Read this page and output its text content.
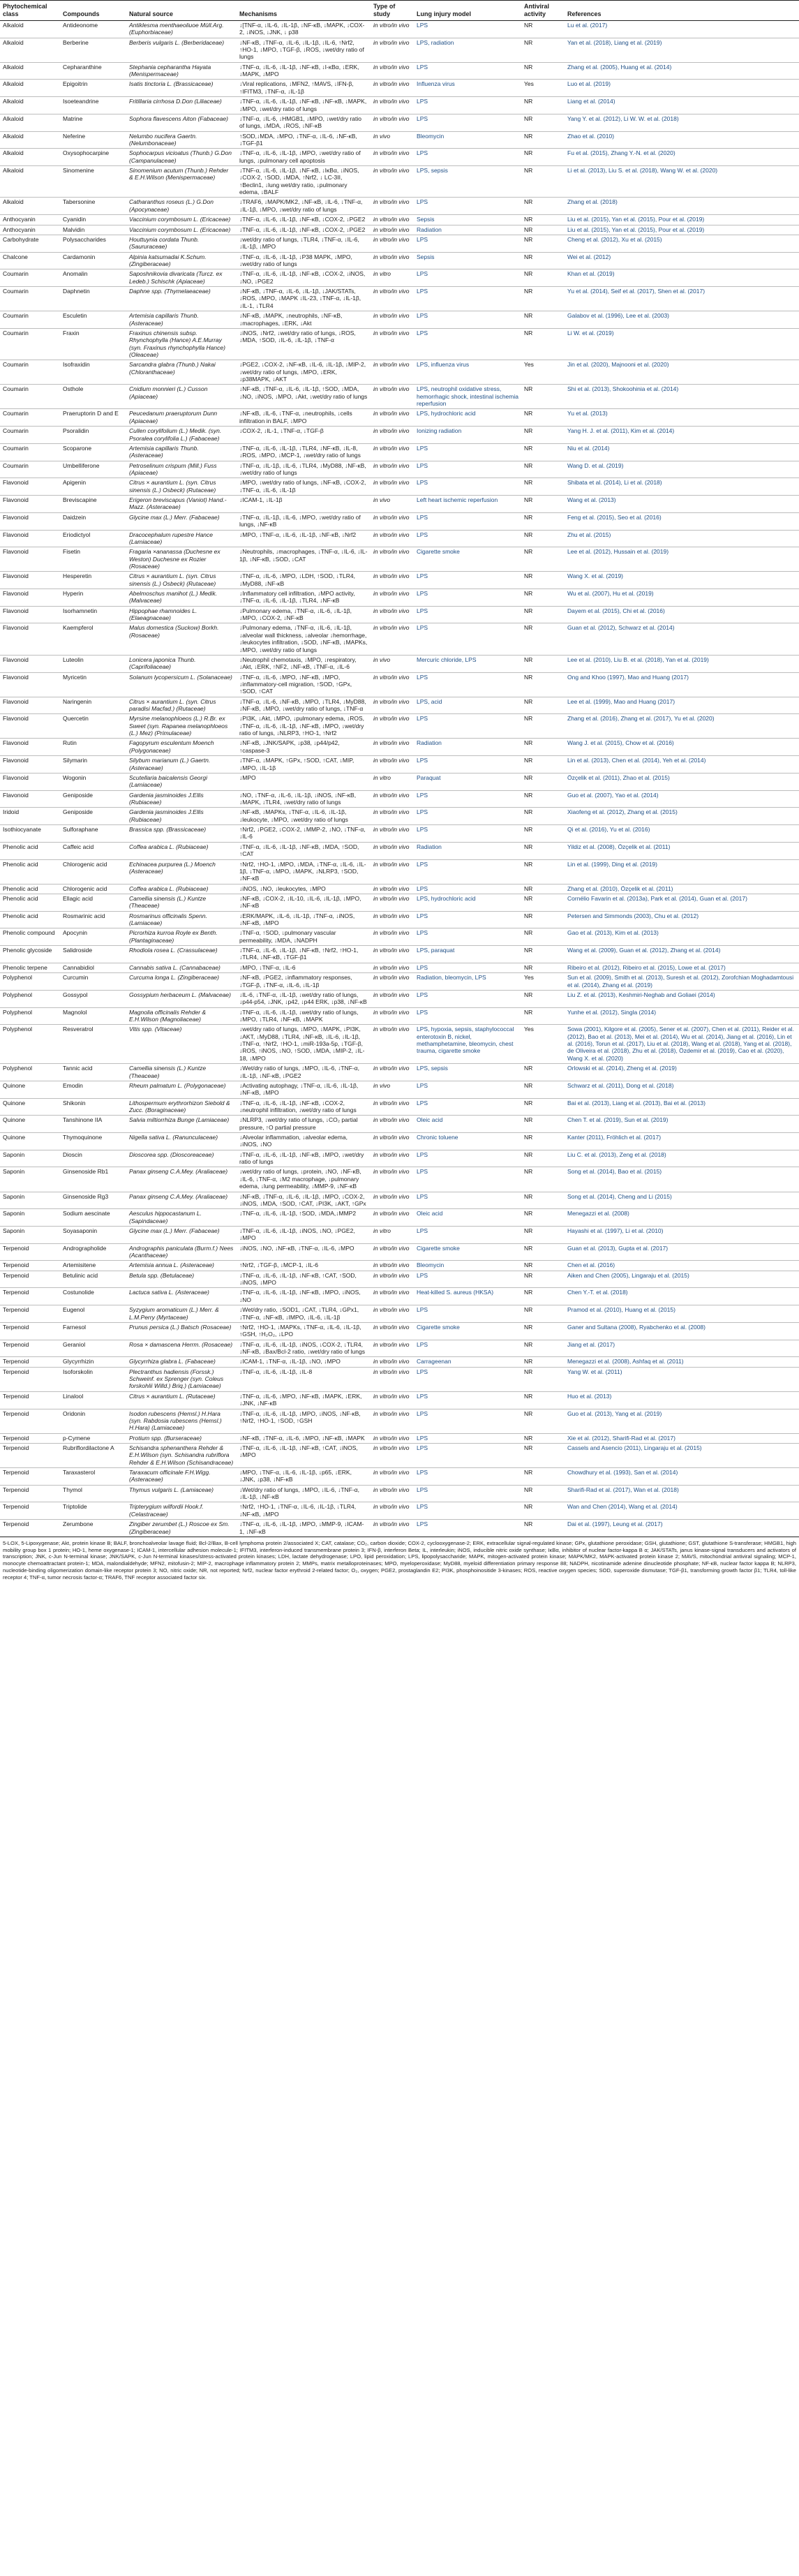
Phytochemical class	Compounds	Natural source	Mechanisms	Type of study	Lung injury model	Antiviral activity	References
Alkaloid	Antideonome	Antiklesma menthaeoliuoe Müll.Arg. (Euphorbiaceae)	↓[TNF-α, ↓IL-6, ↓IL-1β, ↓NF-κB, ↓MAPK, ↓COX-2, ↓iNOS, ↓JNK, ↓ p38	in vitro/in vivo	LPS	NR	Lu et al. (2017)
Alkaloid	Berberine	Berberis vulgaris L. (Berberidaceae)	↓NF-κB, ↓TNF-α, ↓IL-6, ↓IL-1β, ↓IL-6, ↑Nrf2, ↑HO-1, ↓MPO, ↓TGF-β, ↓ROS, ↓wet/dry ratio of lungs	in vitro/in vivo	LPS, radiation	NR	Yan et al. (2018), Liang et al. (2019)
Alkaloid	Cepharanthine	Stephania cepharantha Hayata (Menispermaceae)	↓TNF-α, ↓IL-6, ↓IL-1β, ↓NF-κB, ↓I-κBα, ↓ERK, ↓MAPK, ↓MPO	in vitro/in vivo	LPS	NR	Zhang et al. (2005), Huang et al. (2014)
Alkaloid	Epigoitrin	Isatis tinctoria L. (Brassicaceae)	↓Viral replications, ↓MFN2, ↑MAVS, ↓IFN-β, ↑IFITM3, ↓TNF-α, ↓IL-1β	in vitro/in vivo	Influenza virus	Yes	Luo et al. (2019)
Alkaloid	Isoeteandrine	Fritillaria cirrhosa D.Don (Liliaceae)	↓TNF-α, ↓IL-6, ↓IL-1β, ↓NF-κB, ↓NF-κB, ↓MAPK, ↓MPO, ↓wet/dry ratio of lungs	in vitro/in vivo	LPS	NR	Liang et al. (2014)
Alkaloid	Matrine	Sophora flavescens Aiton (Fabaceae)	↓TNF-α, ↓IL-6, ↓HMGB1, ↓MPO, ↓wet/dry ratio of lungs, ↓MDA, ↓ROS, ↓NF-κB	in vitro/in vivo	LPS	NR	Yang Y. et al. (2012), Li W. W. et al. (2018)
Alkaloid	Neferine	Nelumbo nucifera Gaertn. (Nelumbonaceae)	↑SOD,↓MDA, ↓MPO, ↓TNF-α, ↓IL-6, ↓NF-κB, ↓TGF-β1	in vivo	Bleomycin	NR	Zhao et al. (2010)
Alkaloid	Oxysophocarpine	Sophocarpus vicioatus (Thunb.) G.Don (Campanulaceae)	↓TNF-α, ↓IL-6, ↓IL-1β, ↓MPO, ↓wet/dry ratio of lungs, ↓pulmonary cell apoptosis	in vitro/in vivo	LPS	NR	Fu et al. (2015), Zhang Y.-N. et al. (2020)
Alkaloid	Sinomenine	Sinomenium acutum (Thunb.) Rehder & E.H.Wilson (Menispermaceae)	↓TNF-α, ↓IL-6, ↓IL-1β, ↓NF-κB, ↓IκBα, ↓iNOS, ↓COX-2, ↑SOD, ↓MDA, ↑Nrf2, ↓ LC-3II, ↑Beclin1, ↓lung wet/dry ratio, ↓pulmonary edema, ↓BALF	in vitro/in vivo	LPS, sepsis	NR	Li et al. (2013), Liu S. et al. (2018), Wang W. et al. (2020)
Alkaloid	Tabersonine	Catharanthus roseus (L.) G.Don (Apocynaceae)	↓TRAF6, ↓MAPK/MK2, ↓NF-κB, ↓IL-6, ↓TNF-α, ↓IL-1β, ↓MPO, ↓wet/dry ratio of lungs	in vitro/in vivo	LPS	NR	Zhang et al. (2018)
Anthocyanin	Cyanidin	Vaccinium corymbosum L. (Ericaceae)	↓TNF-α, ↓IL-6, ↓IL-1β, ↓NF-κB, ↓COX-2, ↓PGE2	in vitro/in vivo	Sepsis	NR	Liu et al. (2015), Yan et al. (2015), Pour et al. (2019)
Anthocyanin	Malvidin	Vaccinium corymbosum L. (Ericaceae)	↓TNF-α, ↓IL-6, ↓IL-1β, ↓NF-κB, ↓COX-2, ↓PGE2	in vitro/in vivo	Radiation	NR	Liu et al. (2015), Yan et al. (2015), Pour et al. (2019)
Carbohydrate	Polysaccharides	Houttuynia cordata Thunb. (Saururaceae)	↓wet/dry ratio of lungs, ↓TLR4, ↓TNF-α, ↓IL-6, ↓IL-1β, ↓MPO	in vitro/in vivo	LPS	NR	Cheng et al. (2012), Xu et al. (2015)
Chalcone	Cardamonin	Alpinia katsumadai K.Schum. (Zingiberaceae)	↓TNF-α, ↓IL-6, ↓IL-1β, ↓P38 MAPK, ↓MPO, ↓wet/dry ratio of lungs	in vitro/in vivo	Sepsis	NR	Wei et al. (2012)
Coumarin	Anomalin	Saposhnikovia divaricata (Turcz. ex Ledeb.) Schischk (Apiaceae)	↓TNF-α, ↓IL-6, ↓IL-1β, ↓NF-κB, ↓COX-2, ↓iNOS, ↓NO, ↓PGE2	in vitro	LPS	NR	Khan et al. (2019)
Coumarin	Daphnetin	Daphne spp. (Thymelaeaceae)	↓NF-κB, ↓TNF-α, ↓IL-6, ↓IL-1β, ↓JAK/STATs, ↓ROS, ↓MPO, ↓MAPK ↓IL-23, ↓TNF-α, ↓IL-1β, ↓IL-1, ↓TLR4	in vitro/in vivo	LPS	NR	Yu et al. (2014), Seif et al. (2017), Shen et al. (2017)
Coumarin	Esculetin	Artemisia capillaris Thunb. (Asteraceae)	↓NF-κB, ↓MAPK, ↓neutrophils, ↓NF-κB, ↓macrophages, ↓ERK, ↓Akt	in vitro/in vivo	LPS	NR	Galabov et al. (1996), Lee et al. (2003)
Coumarin	Fraxin	Fraxinus chinensis subsp. Rhynchophylla (Hance) A.E.Murray (syn. Fraxinus rhynchophylla Hance) (Oleaceae)	↓iNOS, ↓Nrf2, ↓wet/dry ratio of lungs, ↓ROS, ↓MDA, ↑SOD, ↓IL-6, ↓IL-1β, ↓TNF-α	in vitro/in vivo	LPS	NR	Li W. et al. (2019)
Coumarin	Isofraxidin	Sarcandra glabra (Thunb.) Nakai (Chloranthaceae)	↓PGE2, ↓COX-2, ↓NF-κB, ↓IL-6, ↓IL-1β, ↓MIP-2, ↓wet/dry ratio of lungs, ↓MPO, ↓ERK, ↓p38MAPK, ↓AKT	in vitro/in vivo	LPS, influenza virus	Yes	Jin et al. (2020), Majnooni et al. (2020)
Coumarin	Osthole	Cnidium monnieri (L.) Cusson (Apiaceae)	↓NF-κB, ↓TNF-α, ↓IL-6, ↓IL-1β, ↑SOD, ↓MDA, ↓NO, ↓iNOS, ↓MPO, ↓Akt, ↓wet/dry ratio of lungs	in vitro/in vivo	LPS, neutrophil oxidative stress, hemorrhagic shock, intestinal ischemia reperfusion	NR	Shi et al. (2013), Shokoohinia et al. (2014)
Coumarin	Praeruptorin D and E	Peucedanum praeruptorum Dunn (Apiaceae)	↓NF-κB, ↓IL-6, ↓TNF-α, ↓neutrophils, ↓cells infiltration in BALF, ↓MPO	in vitro/in vivo	LPS, hydrochloric acid	NR	Yu et al. (2013)
Coumarin	Psoralidin	Cullen corylifolium (L.) Medik. (syn. Psoralea corylifolia L.) (Fabaceae)	↓COX-2, ↓IL-1, ↓TNF-α, ↓TGF-β	in vitro/in vivo	Ionizing radiation	NR	Yang H. J. et al. (2011), Kim et al. (2014)
Coumarin	Scoparone	Artemisia capillaris Thunb. (Asteraceae)	↓TNF-α, ↓IL-6, ↓IL-1β, ↓TLR4, ↓NF-κB, ↓IL-8, ↓ROS, ↓MPO, ↓MCP-1, ↓wet/dry ratio of lungs	in vitro/in vivo	LPS	NR	Niu et al. (2014)
Coumarin	Umbelliferone	Petroselinum crispum (Mill.) Fuss (Apiaceae)	↓TNF-α, ↓IL-1β, ↓IL-6, ↓TLR4, ↓MyD88, ↓NF-κB, ↓wet/dry ratio of lungs	in vitro/in vivo	LPS	NR	Wang D. et al. (2019)
Flavonoid	Apigenin	Citrus × aurantium L. (syn. Citrus sinensis (L.) Osbeck) (Rutaceae)	↓MPO, ↓wet/dry ratio of lungs, ↓NF-κB, ↓COX-2, ↓TNF-α, ↓IL-6, ↓IL-1β	in vitro/in vivo	LPS	NR	Shibata et al. (2014), Li et al. (2018)
Flavonoid	Breviscapine	Erigeron breviscapus (Vaniot) Hand.-Mazz. (Asteraceae)	↓ICAM-1, ↓IL-1β	in vivo	Left heart ischemic reperfusion	NR	Wang et al. (2013)
Flavonoid	Daidzein	Glycine max (L.) Merr. (Fabaceae)	↓TNF-α, ↓IL-1β, ↓IL-6, ↓MPO, ↓wet/dry ratio of lungs, ↓NF-κB	in vitro/in vivo	LPS	NR	Feng et al. (2015), Seo et al. (2016)
Flavonoid	Eriodictyol	Dracocephalum rupestre Hance (Lamiaceae)	↓MPO, ↓TNF-α, ↓IL-6, ↓IL-1β, ↓NF-κB, ↓Nrf2	in vitro/in vivo	LPS	NR	Zhu et al. (2015)
Flavonoid	Fisetin	Fragaria ×ananassa (Duchesne ex Weston) Duchesne ex Rozier (Rosaceae)	↓Neutrophils, ↓macrophages, ↓TNF-α, ↓IL-6, ↓IL-1β, ↓NF-κB, ↓SOD, ↓CAT	in vitro/in vivo	Cigarette smoke	NR	Lee et al. (2012), Hussain et al. (2019)
Flavonoid	Hesperetin	Citrus × aurantium L. (syn. Citrus sinensis (L.) Osbeck) (Rutaceae)	↓TNF-α, ↓IL-6, ↓MPO, ↓LDH, ↑SOD, ↓TLR4, ↓MyD88, ↓NF-κB	in vitro/in vivo	LPS	NR	Wang X. et al. (2019)
Flavonoid	Hyperin	Abelmoschus manihot (L.) Medik. (Malvaceae)	↓Inflammatory cell infiltration, ↓MPO activity, ↓TNF-α, ↓IL-6, ↓IL-1β, ↓TLR4, ↓NF-κB	in vitro/in vivo	LPS	NR	Wu et al. (2007), Hu et al. (2019)
Flavonoid	Isorhamnetin	Hippophae rhamnoides L. (Elaeagnaceae)	↓Pulmonary edema, ↓TNF-α, ↓IL-6, ↓IL-1β, ↓MPO, ↓COX-2, ↓NF-κB	in vitro/in vivo	LPS	NR	Dayem et al. (2015), Chi et al. (2016)
Flavonoid	Kaempferol	Malus domestica (Suckow) Borkh. (Rosaceae)	↓Pulmonary edema, ↓TNF-α, ↓IL-6, ↓IL-1β, ↓alveolar wall thickness, ↓alveolar ↓hemorrhage, ↓leukocytes infiltration, ↓SOD, ↓NF-κB, ↓MAPKs, ↓MPO, ↓wet/dry ratio of lungs	in vitro/in vivo	LPS	NR	Guan et al. (2012), Schwarz et al. (2014)
Flavonoid	Luteolin	Lonicera japonica Thunb. (Caprifoliaceae)	↓Neutrophil chemotaxis, ↓MPO, ↓respiratory, ↓Akt, ↓ERK, ↑NF2, ↓NF-κB, ↓TNF-α, ↓IL-6	in vivo	Mercuric chloride, LPS	NR	Lee et al. (2010), Liu B. et al. (2018), Yan et al. (2019)
Flavonoid	Myricetin	Solanum lycopersicum L. (Solanaceae)	↓TNF-α, ↓IL-6, ↓MPO, ↓NF-κB, ↓MPO, ↓inflammatory-cell migration, ↑SOD, ↑GPx, ↑SOD, ↑CAT	in vitro/in vivo	LPS	NR	Ong and Khoo (1997), Mao and Huang (2017)
Flavonoid	Naringenin	Citrus × aurantium L. (syn. Citrus paradisi Macfad.) (Rutaceae)	↓TNF-α, ↓IL-6, ↓NF-κB, ↓MPO, ↓TLR4, ↓MyD88, ↓NF-κB, ↓MPO, ↓wet/dry ratio of lungs, ↓TNF-α	in vitro/in vivo	LPS, acid	NR	Lee et al. (1999), Mao and Huang (2017)
Flavonoid	Quercetin	Myrsine melanophloeos (L.) R.Br. ex Sweet (syn. Rapanea melanophloeos (L.) Mez) (Primulaceae)	↓PI3K, ↓Akt, ↓MPO, ↓pulmonary edema, ↓ROS, ↓TNF-α, ↓IL-6, ↓IL-1β, ↓NF-κB, ↓MPO, ↓wet/dry ratio of lungs, ↓NLRP3, ↑HO-1, ↑Nrf2	in vitro/in vivo	LPS	NR	Zhang et al. (2016), Zhang et al. (2017), Yu et al. (2020)
Flavonoid	Rutin	Fagopyrum esculentum Moench (Polygonaceae)	↓NF-κB, ↓JNK/SAPK, ↓p38, ↓p44/p42, ↑caspase-3	in vitro/in vivo	Radiation	NR	Wang J. et al. (2015), Chow et al. (2016)
Flavonoid	Silymarin	Silybum marianum (L.) Gaertn. (Asteraceae)	↓TNF-α, ↓MAPK, ↑GPx, ↑SOD, ↑CAT, ↓MIP, ↓MPO, ↓IL-1β	in vitro/in vivo	LPS	NR	Lin et al. (2013), Chen et al. (2014), Yeh et al. (2014)
Flavonoid	Wogonin	Scutellaria baicalensis Georgi (Lamiaceae)	↓MPO	in vitro	Paraquat	NR	Özçelik et al. (2011), Zhao et al. (2015)
Flavonoid	Geniposide	Gardenia jasminoides J.Ellis (Rubiaceae)	↓NO, ↓TNF-α, ↓IL-6, ↓IL-1β, ↓iNOS, ↓NF-κB, ↓MAPK, ↓TLR4, ↓wet/dry ratio of lungs	in vitro/in vivo	LPS	NR	Guo et al. (2007), Yao et al. (2014)
Iridoid	Geniposide	Gardenia jasminoides J.Ellis (Rubiaceae)	↓NF-κB, ↓MAPKs, ↓TNF-α, ↓IL-6, ↓IL-1β, ↓leukocyte, ↓MPO, ↓wet/dry ratio of lungs	in vitro/in vivo	LPS	NR	Xiaofeng et al. (2012), Zhang et al. (2015)
Isothiocyanate	Sulforaphane	Brassica spp. (Brassicaceae)	↑Nrf2, ↓PGE2, ↓COX-2, ↓MMP-2, ↓NO, ↓TNF-α, ↓IL-6	in vitro/in vivo	LPS	NR	Qi et al. (2016), Yu et al. (2016)
Phenolic acid	Caffeic acid	Coffea arabica L. (Rubiaceae)	↓TNF-α, ↓IL-6, ↓IL-1β, ↓NF-κB, ↓MDA, ↑SOD, ↑CAT	in vitro/in vivo	Radiation	NR	Yildiz et al. (2008), Özçelik et al. (2011)
Phenolic acid	Chlorogenic acid	Echinacea purpurea (L.) Moench (Asteraceae)	↑Nrf2, ↑HO-1, ↓MPO, ↓MDA, ↓TNF-α, ↓IL-6, ↓IL-1β, ↓TNF-α, ↓MPO, ↓MAPK, ↓NLRP3, ↑SOD, ↓NF-κB	in vitro/in vivo	LPS	NR	Lin et al. (1999), Ding et al. (2019)
Phenolic acid	Chlorogenic acid	Coffea arabica L. (Rubiaceae)	↓iNOS, ↓NO, ↓leukocytes, ↓MPO	in vitro/in vivo	LPS	NR	Zhang et al. (2010), Özçelik et al. (2011)
Phenolic acid	Ellagic acid	Camellia sinensis (L.) Kuntze (Theaceae)	↓NF-κB, ↓COX-2, ↓IL-10, ↓IL-6, ↓IL-1β, ↓MPO, ↓NF-κB	in vitro/in vivo	LPS, hydrochloric acid	NR	Cornélio Favarin et al. (2013a), Park et al. (2014), Guan et al. (2017)
Phenolic acid	Rosmarinic acid	Rosmarinus officinalis Spenn. (Lamiaceae)	↓ERK/MAPK, ↓IL-6, ↓IL-1β, ↓TNF-α, ↓iNOS, ↓NF-κB, ↓MPO	in vitro/in vivo	LPS	NR	Petersen and Simmonds (2003), Chu et al. (2012)
Phenolic compound	Apocynin	Picrorhiza kurroa Royle ex Benth. (Plantaginaceae)	↓TNF-α, ↑SOD, ↓pulmonary vascular permeability, ↓MDA, ↓NADPH	in vitro/in vivo	LPS	NR	Gao et al. (2013), Kim et al. (2013)
Phenolic glycoside	Salidroside	Rhodiola rosea L. (Crassulaceae)	↓TNF-α, ↓IL-6, ↓IL-1β, ↓NF-κB, ↑Nrf2, ↑HO-1, ↓TLR4, ↓NF-κB, ↓TGF-β1	in vitro/in vivo	LPS, paraquat	NR	Wang et al. (2009), Guan et al. (2012), Zhang et al. (2014)
Phenolic terpene	Cannabidiol	Cannabis sativa L. (Cannabaceae)	↓MPO, ↓TNF-α, ↓IL-6	in vitro/in vivo	LPS	NR	Ribeiro et al. (2012), Ribeiro et al. (2015), Lowe et al. (2017)
Polyphenol	Curcumin	Curcuma longa L. (Zingiberaceae)	↓NF-κB, ↓PGE2, ↓inflammatory responses, ↓TGF-β, ↓TNF-α, ↓IL-6, ↓IL-1β	in vitro/in vivo	Radiation, bleomycin, LPS	Yes	Sun et al. (2009), Smith et al. (2013), Suresh et al. (2012), Zorofchian Moghadamtousi et al. (2014), Zhang et al. (2019)
Polyphenol	Gossypol	Gossypium herbaceum L. (Malvaceae)	↓IL-6, ↓TNF-α, ↓IL-1β, ↓wet/dry ratio of lungs, ↓p44-p54, ↓JNK, ↓p42, ↓p44 ERK, ↓p38, ↓NF-κB	in vitro/in vivo	LPS	NR	Liu Z. et al. (2013), Keshmiri-Neghab and Goliaei (2014)
Polyphenol	Magnolol	Magnolia officinalis Rehder & E.H.Wilson (Magnoliaceae)	↓TNF-α, ↓IL-6, ↓IL-1β, ↓wet/dry ratio of lungs, ↓MPO, ↓TLR4, ↓NF-κB, ↓MAPK	in vitro/in vivo	LPS	NR	Yunhe et al. (2012), Singla (2014)
Polyphenol	Resveratrol	Vitis spp. (Vitaceae)	↓wet/dry ratio of lungs, ↓MPO, ↓MAPK, ↓PI3K, ↓AKT, ↓MyD88, ↓TLR4, ↓NF-κB, ↓IL-6, ↓IL-1β, ↓TNF-α, ↑Nrf2, ↑HO-1, ↓miR-193a-5p, ↓TGF-β, ↓ROS, ↑iNOS, ↓NO, ↑SOD, ↓MDA, ↓MIP-2, ↓IL-18, ↓MPO	in vitro/in vivo	LPS, hypoxia, sepsis, staphylococcal enterotoxin B, nickel, methamphetamine, bleomycin, chest trauma, cigarette smoke	Yes	Sowa (2001), Kilgore et al. (2005), Sener et al. (2007), Chen et al. (2011), Reider et al. (2012), Bao et al. (2013), Mei et al. (2014), Wu et al. (2014), Jiang et al. (2016), Lin et al. (2016), Torun et al. (2017), Liu et al. (2018), Wang et al. (2018), Yang et al. (2018), de Oliveira et al. (2018), Zhu et al. (2018), Özdemir et al. (2019), Cao et al. (2020), Wang X. et al. (2020)
Polyphenol	Tannic acid	Camellia sinensis (L.) Kuntze (Theaceae)	↓Wet/dry ratio of lungs, ↓MPO, ↓IL-6, ↓TNF-α, ↓IL-1β, ↓NF-κB, ↓PGE2	in vitro/in vivo	LPS, sepsis	NR	Orlowski et al. (2014), Zheng et al. (2019)
Quinone	Emodin	Rheum palmatum L. (Polygonaceae)	↓Activating autophagy, ↓TNF-α, ↓IL-6, ↓IL-1β, ↓NF-κB, ↓MPO	in vivo	LPS	NR	Schwarz et al. (2011), Dong et al. (2018)
Quinone	Shikonin	Lithospermum erythrorhizon Siebold & Zucc. (Boraginaceae)	↓TNF-α, ↓IL-6, ↓IL-1β, ↓NF-κB, ↓COX-2, ↓neutrophil infiltration, ↓wet/dry ratio of lungs	in vitro/in vivo	LPS	NR	Bai et al. (2013), Liang et al. (2013), Bai et al. (2013)
Quinone	Tanshinone IIA	Salvia miltiorrhiza Bunge (Lamiaceae)	↓NLRP3, ↓wet/dry ratio of lungs, ↓CO₂ partial pressure, ↑O partial pressure	in vitro/in vivo	Oleic acid	NR	Chen T. et al. (2019), Sun et al. (2019)
Quinone	Thymoquinone	Nigella sativa L. (Ranunculaceae)	↓Alveolar inflammation, ↓alveolar edema, ↓iNOS, ↓NO	in vitro/in vivo	Chronic toluene	NR	Kanter (2011), Fröhlich et al. (2017)
Saponin	Dioscin	Dioscorea spp. (Dioscoreaceae)	↓TNF-α, ↓IL-6, ↓IL-1β, ↓NF-κB, ↓MPO, ↓wet/dry ratio of lungs	in vitro/in vivo	LPS	NR	Liu C. et al. (2013), Zeng et al. (2018)
Saponin	Ginsenoside Rb1	Panax ginseng C.A.Mey. (Araliaceae)	↓wet/dry ratio of lungs, ↓protein, ↓NO, ↓NF-κB, ↓IL-6, ↓TNF-α, ↓M2 macrophage, ↓pulmonary edema, ↓lung permeability, ↓MMP-9, ↓NF-κB	in vitro/in vivo	LPS	NR	Song et al. (2014), Bao et al. (2015)
Saponin	Ginsenoside Rg3	Panax ginseng C.A.Mey. (Araliaceae)	↓NF-κB, ↓TNF-α, ↓IL-6, ↓IL-1β, ↓MPO, ↓COX-2, ↓iNOS, ↓MDA, ↑SOD, ↑CAT, ↓PI3K, ↓AKT, ↑GPx	in vitro/in vivo	LPS	NR	Song et al. (2014), Cheng and Li (2015)
Saponin	Sodium aescinate	Aesculus hippocastanum L. (Sapindaceae)	↓TNF-α, ↓IL-6, ↓IL-1β, ↑SOD, ↓MDA,↓MMP2	in vitro/in vivo	Oleic acid	NR	Menegazzi et al. (2008)
Saponin	Soyasaponin	Glycine max (L.) Merr. (Fabaceae)	↓TNF-α, ↓IL-6, ↓IL-1β, ↓iNOS, ↓NO, ↓PGE2, ↓MPO	in vitro	LPS	NR	Hayashi et al. (1997), Li et al. (2010)
Terpenoid	Andrographolide	Andrographis paniculata (Burm.f.) Nees (Acanthaceae)	↓iNOS, ↓NO, ↓NF-κB, ↓TNF-α, ↓IL-6, ↓MPO	in vitro/in vivo	Cigarette smoke	NR	Guan et al. (2013), Gupta et al. (2017)
Terpenoid	Artemisitene	Artemisia annua L. (Asteraceae)	↑Nrf2, ↓TGF-β, ↓MCP-1, ↓IL-6	in vitro/in vivo	Bleomycin	NR	Chen et al. (2016)
Terpenoid	Betulinic acid	Betula spp. (Betulaceae)	↓TNF-α, ↓IL-6, ↓IL-1β, ↓NF-κB, ↑CAT, ↑SOD, ↓iNOS, ↓MPO	in vitro/in vivo	LPS	NR	Aiken and Chen (2005), Lingaraju et al. (2015)
Terpenoid	Costunolide	Lactuca sativa L. (Asteraceae)	↓TNF-α, ↓IL-6, ↓IL-1β, ↓NF-κB, ↓MPO, ↓iNOS, ↓NO	in vitro/in vivo	Heat-killed S. aureus (HKSA)	NR	Chen Y.-T. et al. (2018)
Terpenoid	Eugenol	Syzygium aromaticum (L.) Merr. & L.M.Perry (Myrtaceae)	↓Wet/dry ratio, ↓SOD1, ↓CAT, ↓TLR4, ↓GPx1, ↓TNF-α, ↓NF-κB, ↓IMPO, ↓IL-6, ↓IL-1β	in vitro/in vivo	LPS	NR	Pramod et al. (2010), Huang et al. (2015)
Terpenoid	Farnesol	Prunus persica (L.) Batsch (Rosaceae)	↑Nrf2, ↑HO-1, ↓MAPKs, ↓TNF-α, ↓IL-6, ↓IL-1β, ↑GSH, ↑H₂O₂, ↓LPO	in vitro/in vivo	Cigarette smoke	NR	Ganer and Sultana (2008), Ryabchenko et al. (2008)
Terpenoid	Geraniol	Rosa × damascena Herrm. (Rosaceae)	↓TNF-α, ↓IL-6, ↓IL-1β, ↓iNOS, ↓COX-2, ↓TLR4, ↓NF-κB, ↓Bax/Bcl-2 ratio, ↓wet/dry ratio of lungs	in vitro/in vivo	LPS	NR	Jiang et al. (2017)
Terpenoid	Glycyrrhizin	Glycyrrhiza glabra L. (Fabaceae)	↓ICAM-1, ↓TNF-α, ↓IL-1β, ↓NO, ↓MPO	in vitro/in vivo	Carrageenan	NR	Menegazzi et al. (2008), Ashfaq et al. (2011)
Terpenoid	Isoforskolin	Plectranthus hadiensis (Forssk.) Schweinf. ex Sprenger (syn. Coleus forskohlii Willd.) Briq.) (Lamiaceae)	↓TNF-α, ↓IL-6, ↓IL-1β, ↓IL-8	in vitro/in vivo	LPS	NR	Yang W. et al. (2011)
Terpenoid	Linalool	Citrus × aurantium L. (Rutaceae)	↓TNF-α, ↓IL-6, ↓MPO, ↓NF-κB, ↓MAPK, ↓ERK, ↓JNK, ↓NF-κB	in vitro/in vivo	LPS	NR	Huo et al. (2013)
Terpenoid	Oridonin	Isodon rubescens (Hemsl.) H.Hara (syn. Rabdosia rubescens (Hemsl.) H.Hara) (Lamiaceae)	↓TNF-α, ↓IL-6, ↓IL-1β, ↓MPO, ↓iNOS, ↓NF-κB, ↑Nrf2, ↑HO-1, ↑SOD, ↑GSH	in vitro/in vivo	LPS	NR	Guo et al. (2013), Yang et al. (2019)
Terpenoid	p-Cymene	Protium spp. (Burseraceae)	↓NF-κB, ↓TNF-α, ↓IL-6, ↓MPO, ↓NF-κB, ↓MAPK	in vitro/in vivo	LPS	NR	Xie et al. (2012), Sharifi-Rad et al. (2017)
Terpenoid	Rubriflordilactone A	Schisandra sphenanthera Rehder & E.H.Wilson (syn. Schisandra rubriflora Rehder & E.H.Wilson (Schisandraceae)	↓TNF-α, ↓IL-6, ↓IL-1β, ↓NF-κB, ↑CAT, ↓iNOS, ↓MPO	in vitro/in vivo	LPS	NR	Cassels and Asencio (2011), Lingaraju et al. (2015)
Terpenoid	Taraxasterol	Taraxacum officinale F.H.Wigg. (Asteraceae)	↓MPO, ↓TNF-α, ↓IL-6, ↓IL-1β, ↓p65, ↓ERK, ↓JNK, ↓p38, ↓NF-κB	in vitro/in vivo	LPS	NR	Chowdhury et al. (1993), San et al. (2014)
Terpenoid	Thymol	Thymus vulgaris L. (Lamiaceae)	↓Wet/dry ratio of lungs, ↓MPO, ↓IL-6, ↓TNF-α, ↓IL-1β, ↓NF-κB	in vitro/in vivo	LPS	NR	Sharifi-Rad et al. (2017), Wan et al. (2018)
Terpenoid	Triptolide	Tripterygium wilfordii Hook.f. (Celastraceae)	↑Nrf2, ↑HO-1, ↓TNF-α, ↓IL-6, ↓IL-1β, ↓TLR4, ↓NF-κB, ↓MPO	in vitro/in vivo	LPS	NR	Wan and Chen (2014), Wang et al. (2014)
Terpenoid	Zerumbone	Zingiber zerumbet (L.) Roscoe ex Sm. (Zingiberaceae)	↓TNF-α, ↓IL-6, ↓IL-1β, ↓MPO, ↓MMP-9, ↓ICAM-1, ↓NF-κB	in vitro/in vivo	LPS	NR	Dai et al. (1997), Leung et al. (2017)
5-LOX, 5-Lipoxygenase; Akt, protein kinase B; BALF, bronchoalveolar lavage fluid; Bcl-2/Bax, B-cell lymphoma protein 2/associated X; CAT, catalase; CO₂, carbon dioxide; COX-2, cyclooxygenase-2; ERK, extracellular signal-regulated kinase; GPx, glutathione peroxidase; GSH, glutathione; GST, glutathione S-transferase; HMGB1, high mobility group box 1 protein; HO-1, heme oxygenase-1; ICAM-1, intercellular adhesion molecule-1; IFITM3, interferon-induced transmembrane protein 3; IFN-β, interferon Beta; IL, interleukin; iNOS, inducible nitric oxide synthase; IκBα, inhibitor of nuclear factor-kappa B α; JAK/STATs, janus kinase-signal transducers and activators of transcription; JNK, c-Jun N-terminal kinase; JNK/SAPK, c-Jun N-terminal kinases/stress-activated protein kinases; LDH, lactate dehydrogenase; LPO, lipid peroxidation; LPS, lipopolysaccharide; MAPK, mitogen-activated protein kinase; MAPK/MK2, MAPK-activated protein kinase 2; MAVS, mitochondrial antiviral signaling; MCP-1, monocyte chemoattractant protein-1; MDA, malondialdehyde; MFN2, mitofusin-2; MIP-2, macrophage inflammatory protein 2; MMPs, matrix metalloproteinases; MPO, myeloperoxidase; MyD88, myeloid differentiation primary response 88; NADPH, nicotinamide adenine dinucleotide phosphate; NF-κB, nuclear factor kappa B; NLRP3, nucleotide-binding oligomerization domain-like receptor protein 3; NO, nitric oxide; NR, not reported; Nrf2, nuclear factor erythroid 2-related factor; O₂, oxygen; PGE2, prostaglandin E2; PI3K, phosphoinositide 3-kinases; ROS, reactive oxygen species; SOD, superoxide dismutase; TGF-β1, transforming growth factor β1; TLR4, toll-like receptor 4; TNF-α, tumor necrosis factor-α; TRAF6, TNF receptor associated factor six.
